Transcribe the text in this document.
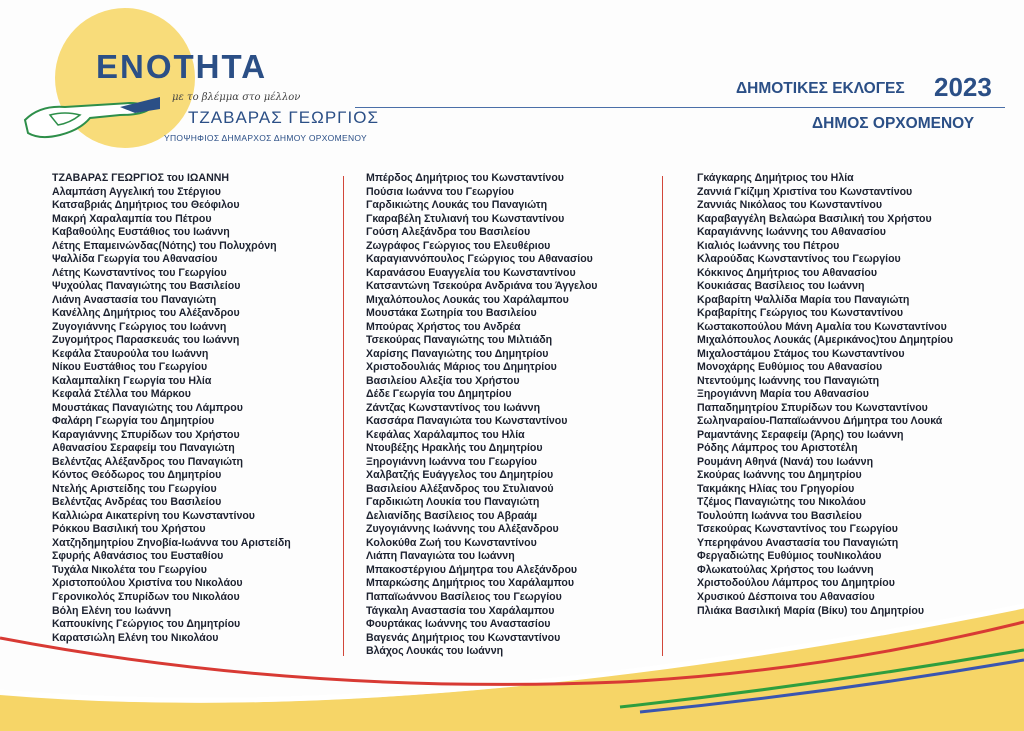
ΕΝΟΤΗΤΑ
με το βλέμμα στο μέλλον
ΤΖΑΒΑΡΑΣ ΓΕΩΡΓΙΟΣ
ΥΠΟΨΗΦΙΟΣ ΔΗΜΑΡΧΟΣ ΔΗΜΟΥ ΟΡΧΟΜΕΝΟΥ
ΔΗΜΟΤΙΚΕΣ ΕΚΛΟΓΕΣ 2023
ΔΗΜΟΣ ΟΡΧΟΜΕΝΟΥ
ΤΖΑΒΑΡΑΣ ΓΕΩΡΓΙΟΣ του ΙΩΑΝΝΗ
Αλαμπάση Αγγελική του Στέργιου
Κατσαβριάς Δημήτριος του Θεόφιλου
Μακρή Χαραλαμπία του Πέτρου
Καβαθούλης Ευστάθιος του Ιωάννη
Λέτης Επαμεινώνδας(Νότης) του Πολυχρόνη
Ψαλλίδα Γεωργία του Αθανασίου
Λέτης Κωνσταντίνος του Γεωργίου
Ψυχούλας Παναγιώτης του Βασιλείου
Λιάνη Αναστασία του Παναγιώτη
Κανέλλης Δημήτριος του Αλέξανδρου
Ζυγογιάννης Γεώργιος του Ιωάννη
Ζυγομήτρος Παρασκευάς του Ιωάννη
Κεφάλα Σταυρούλα του Ιωάννη
Νίκου Ευστάθιος του Γεωργίου
Καλαμπαλίκη Γεωργία του Ηλία
Κεφαλά Στέλλα του Μάρκου
Μουστάκας Παναγιώτης του Λάμπρου
Φαλάρη Γεωργία του Δημητρίου
Καραγιάννης Σπυρίδων του Χρήστου
Αθανασίου Σεραφείμ του Παναγιώτη
Βελέντζας Αλέξανδρος του Παναγιώτη
Κόντος Θεόδωρος του Δημητρίου
Ντελής Αριστείδης του Γεωργίου
Βελέντζας Ανδρέας του Βασιλείου
Καλλιώρα Αικατερίνη του Κωνσταντίνου
Ρόκκου Βασιλική του Χρήστου
Χατζηδημητρίου Ζηνοβία-Ιωάννα του Αριστείδη
Σφυρής Αθανάσιος του Ευσταθίου
Τυχάλα Νικολέτα του Γεωργίου
Χριστοπούλου Χριστίνα του Νικολάου
Γερονικολός Σπυρίδων του Νικολάου
Βόλη Ελένη του Ιωάννη
Καπουκίνης Γεώργιος του Δημητρίου
Καρατσιώλη Ελένη του Νικολάου
Μπέρδος Δημήτριος του Κωνσταντίνου
Πούσια Ιωάννα του Γεωργίου
Γαρδικιώτης Λουκάς του Παναγιώτη
Γκαραβέλη Στυλιανή του Κωνσταντίνου
Γούση Αλεξάνδρα του Βασιλείου
Ζωγράφος Γεώργιος του Ελευθέριου
Καραγιαννόπουλος Γεώργιος του Αθανασίου
Καρανάσου Ευαγγελία του Κωνσταντίνου
Κατσαντώνη Τσεκούρα Ανδριάνα του Άγγελου
Μιχαλόπουλος Λουκάς του Χαράλαμπου
Μουστάκα Σωτηρία του Βασιλείου
Μπούρας Χρήστος του Ανδρέα
Τσεκούρας Παναγιώτης του Μιλτιάδη
Χαρίσης Παναγιώτης του Δημητρίου
Χριστοδουλιάς Μάριος του Δημητρίου
Βασιλείου Αλεξία του Χρήστου
Δέδε Γεωργία του Δημητρίου
Ζάντζας Κωνσταντίνος του Ιωάννη
Κασσάρα Παναγιώτα του Κωνσταντίνου
Κεφάλας Χαράλαμπος του Ηλία
Ντουβέξης Ηρακλής του Δημητρίου
Ξηρογιάννη Ιωάννα του Γεωργίου
Χαλβατζής Ευάγγελος του Δημητρίου
Βασιλείου Αλέξανδρος του Στυλιανού
Γαρδικιώτη Λουκία του Παναγιώτη
Δελιανίδης Βασίλειος του Αβραάμ
Ζυγογιάννης Ιωάννης του Αλέξανδρου
Κολοκύθα Ζωή του Κωνσταντίνου
Λιάπη Παναγιώτα του Ιωάννη
Μπακοστέργιου Δήμητρα του Αλεξάνδρου
Μπαρκώσης Δημήτριος του Χαράλαμπου
Παπαϊωάννου Βασίλειος του Γεωργίου
Τάγκαλη Αναστασία του Χαράλαμπου
Φουρτάκας Ιωάννης του Αναστασίου
Βαγενάς Δημήτριος του Κωνσταντίνου
Βλάχος Λουκάς του Ιωάννη
Γκάγκαρης Δημήτριος του Ηλία
Ζαννιά Γκίζιμη Χριστίνα του Κωνσταντίνου
Ζαννιάς Νικόλαος του Κωνσταντίνου
Καραβαγγέλη Βελαώρα Βασιλική του Χρήστου
Καραγιάννης Ιωάννης του Αθανασίου
Κιαλιός Ιωάννης του Πέτρου
Κλαρούδας Κωνσταντίνος του Γεωργίου
Κόκκινος Δημήτριος του Αθανασίου
Κουκιάσας Βασίλειος του Ιωάννη
Κραβαρίτη Ψαλλίδα Μαρία του Παναγιώτη
Κραβαρίτης Γεώργιος του Κωνσταντίνου
Κωστακοπούλου Μάνη Αμαλία του Κωνσταντίνου
Μιχαλόπουλος Λουκάς (Αμερικάνος)του Δημητρίου
Μιχαλοστάμου Στάμος του Κωνσταντίνου
Μονοχάρης Ευθύμιος του Αθανασίου
Ντεντούμης Ιωάννης του Παναγιώτη
Ξηρογιάννη Μαρία του Αθανασίου
Παπαδημητρίου Σπυρίδων του Κωνσταντίνου
Σωληναραίου-Παπαϊωάννου Δήμητρα του Λουκά
Ραμαντάνης Σεραφείμ (Άρης) του Ιωάννη
Ρόδης Λάμπρος του Αριστοτέλη
Ρουμάνη Αθηνά (Νανά) του Ιωάννη
Σκούρας Ιωάννης του Δημητρίου
Τακμάκης Ηλίας του Γρηγορίου
Τζέμος Παναγιώτης του Νικολάου
Τουλούπη Ιωάννα του Βασιλείου
Τσεκούρας Κωνσταντίνος του Γεωργίου
Υπερηφάνου Αναστασία του Παναγιώτη
Φεργαδιώτης Ευθύμιος τουΝικολάου
Φλωκατούλας Χρήστος του Ιωάννη
Χριστοδούλου Λάμπρος του Δημητρίου
Χρυσικού Δέσποινα του Αθανασίου
Πλιάκα Βασιλική Μαρία (Βίκυ) του Δημητρίου
